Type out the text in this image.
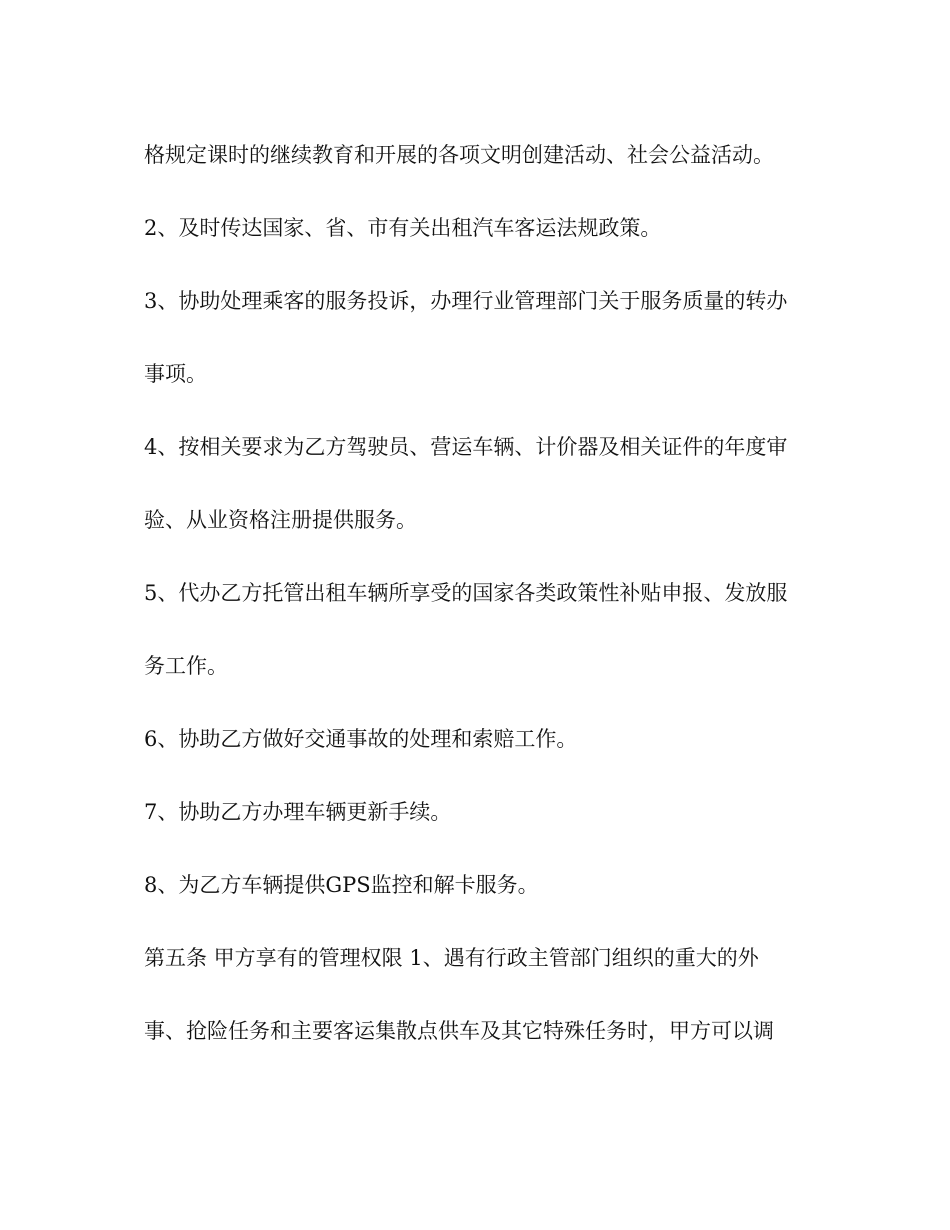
格规定课时的继续教育和开展的各项文明创建活动、社会公益活动。

2、及时传达国家、省、市有关出租汽车客运法规政策。

3、协助处理乘客的服务投诉，办理行业管理部门关于服务质量的转办

事项。

4、按相关要求为乙方驾驶员、营运车辆、计价器及相关证件的年度审

验、从业资格注册提供服务。

5、代办乙方托管出租车辆所享受的国家各类政策性补贴申报、发放服

务工作。

6、协助乙方做好交通事故的处理和索赔工作。

7、协助乙方办理车辆更新手续。

8、为乙方车辆提供GPS监控和解卡服务。

第五条 甲方享有的管理权限 1、遇有行政主管部门组织的重大的外

事、抢险任务和主要客运集散点供车及其它特殊任务时，甲方可以调
